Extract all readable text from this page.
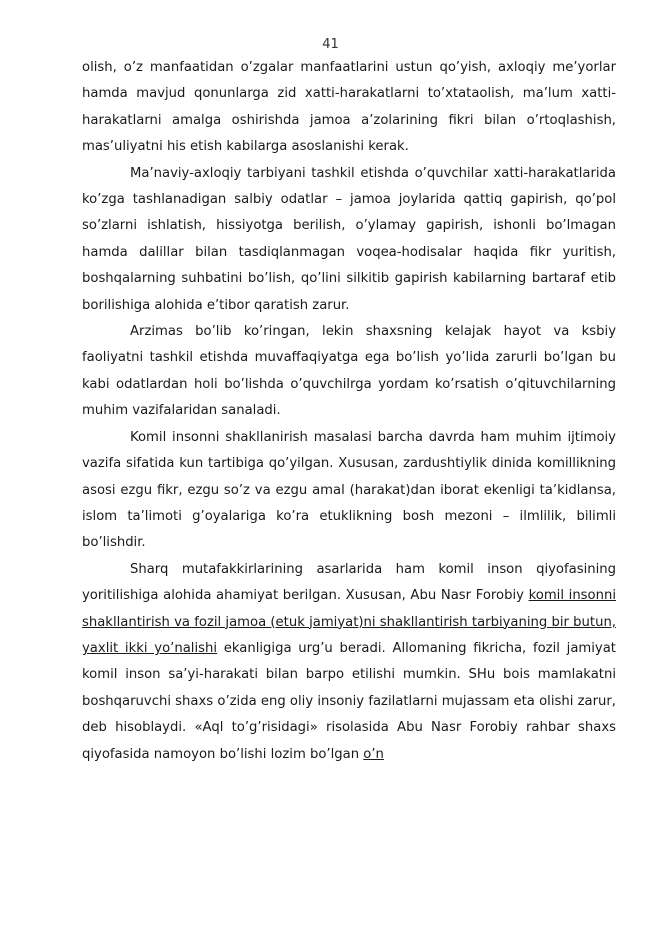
41

olish, o’z manfaatidan o’zgalar manfaatlarini ustun qo’yish, axloqiy me’yorlar hamda mavjud qonunlarga zid xatti-harakatlarni to’xtataolish, ma’lum xatti-harakatlarni amalga oshirishda jamoa a’zolarining fikri bilan o’rtoqlashish, mas’uliyatni his etish kabilarga asoslanishi kerak.

Ma’naviy-axloqiy tarbiyani tashkil etishda o’quvchilar xatti-harakatlarida ko’zga tashlanadigan salbiy odatlar – jamoa joylarida qattiq gapirish, qo’pol so’zlarni ishlatish, hissiyotga berilish, o’ylamay gapirish, ishonli bo’lmagan hamda dalillar bilan tasdiqlanmagan voqea-hodisalar haqida fikr yuritish, boshqalarning suhbatini bo’lish, qo’lini silkitib gapirish kabilarning bartaraf etib borilishiga alohida e’tibor qaratish zarur.

Arzimas bo’lib ko’ringan, lekin shaxsning kelajak hayot va ksbiy faoliyatni tashkil etishda muvaffaqiyatga ega bo’lish yo’lida zarurli bo’lgan bu kabi odatlardan holi bo’lishda o’quvchilrga yordam ko’rsatish o’qituvchilarning muhim vazifalaridan sanaladi.

Komil insonni shakllanirish masalasi barcha davrda ham muhim ijtimoiy vazifa sifatida kun tartibiga qo’yilgan. Xususan, zardushtiylik dinida komillikning asosi ezgu fikr, ezgu so’z va ezgu amal (harakat)dan iborat ekenligi ta’kidlansa, islom ta’limoti g’oyalariga ko’ra etuklikning bosh mezoni – ilmlilik, bilimli bo’lishdir.

Sharq mutafakkirlarining asarlarida ham komil inson qiyofasining yoritilishiga alohida ahamiyat berilgan. Xususan, Abu Nasr Forobiy komil insonni shakllantirish va fozil jamoa (etuk jamiyat)ni shakllantirish tarbiyaning bir butun, yaxlit ikki yo’nalishi ekanligiga urg’u beradi. Allomaning fikricha, fozil jamiyat komil inson sa’yi-harakati bilan barpo etilishi mumkin. SHu bois mamlakatni boshqaruvchi shaxs o’zida eng oliy insoniy fazilatlarni mujassam eta olishi zarur, deb hisoblaydi. «Aql to’g’risidagi» risolasida Abu Nasr Forobiy rahbar shaxs qiyofasida namoyon bo’lishi lozim bo’lgan o’n
